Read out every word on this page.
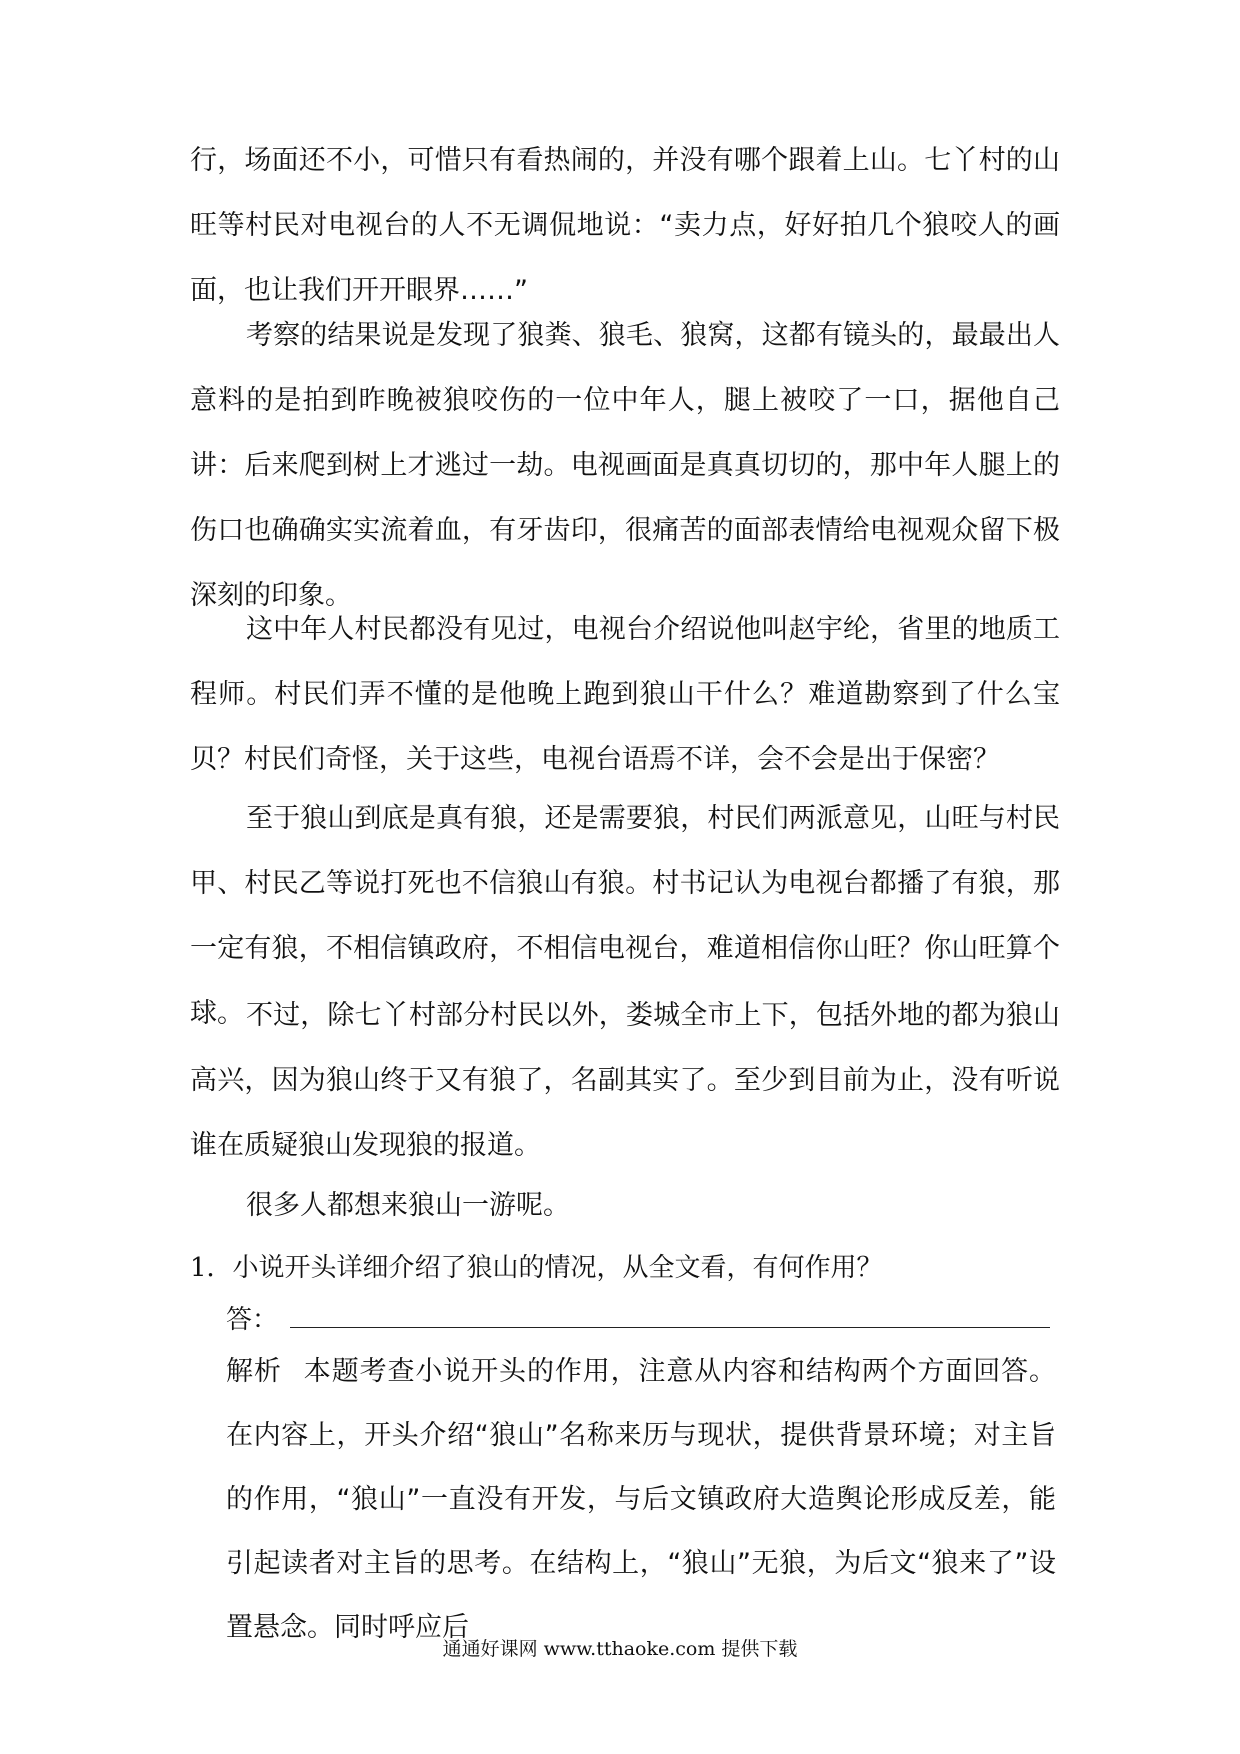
行，场面还不小，可惜只有看热闹的，并没有哪个跟着上山。七丫村的山旺等村民对电视台的人不无调侃地说：“卖力点，好好拍几个狼咬人的画面，也让我们开开眼界……”

考察的结果说是发现了狼粪、狼毛、狼窝，这都有镜头的，最最出人意料的是拍到昨晚被狼咬伤的一位中年人，腿上被咬了一口，据他自己讲：后来爬到树上才逃过一劫。电视画面是真真切切的，那中年人腿上的伤口也确确实实流着血，有牙齿印，很痛苦的面部表情给电视观众留下极深刻的印象。

这中年人村民都没有见过，电视台介绍说他叫赵宇纶，省里的地质工程师。村民们弄不懂的是他晚上跑到狼山干什么？难道勘察到了什么宝贝？村民们奇怪，关于这些，电视台语焉不详，会不会是出于保密？

至于狼山到底是真有狼，还是需要狼，村民们两派意见，山旺与村民甲、村民乙等说打死也不信狼山有狼。村书记认为电视台都播了有狼，那一定有狼，不相信镇政府，不相信电视台，难道相信你山旺？你山旺算个球。 不过，除七丫村部分村民以外，娄城全市上下，包括外地的都为狼山高兴，因为狼山终于又有狼了，名副其实了。至少到目前为止，没有听说谁在质疑狼山发现狼的报道。

很多人都想来狼山一游呢。

1．小说开头详细介绍了狼山的情况，从全文看，有何作用？

答：

解析 本题考查小说开头的作用，注意从内容和结构两个方面回答。在内容上，开头介绍“狼山”名称来历与现状，提供背景环境；对主旨的作用，“狼山”一直没有开发，与后文镇政府大造舆论形成反差，能引起读者对主旨的思考。在结构上，“狼山”无狼，为后文“狼来了”设置悬念。同时呼应后

通通好课网 www.tthaoke.com 提供下载
